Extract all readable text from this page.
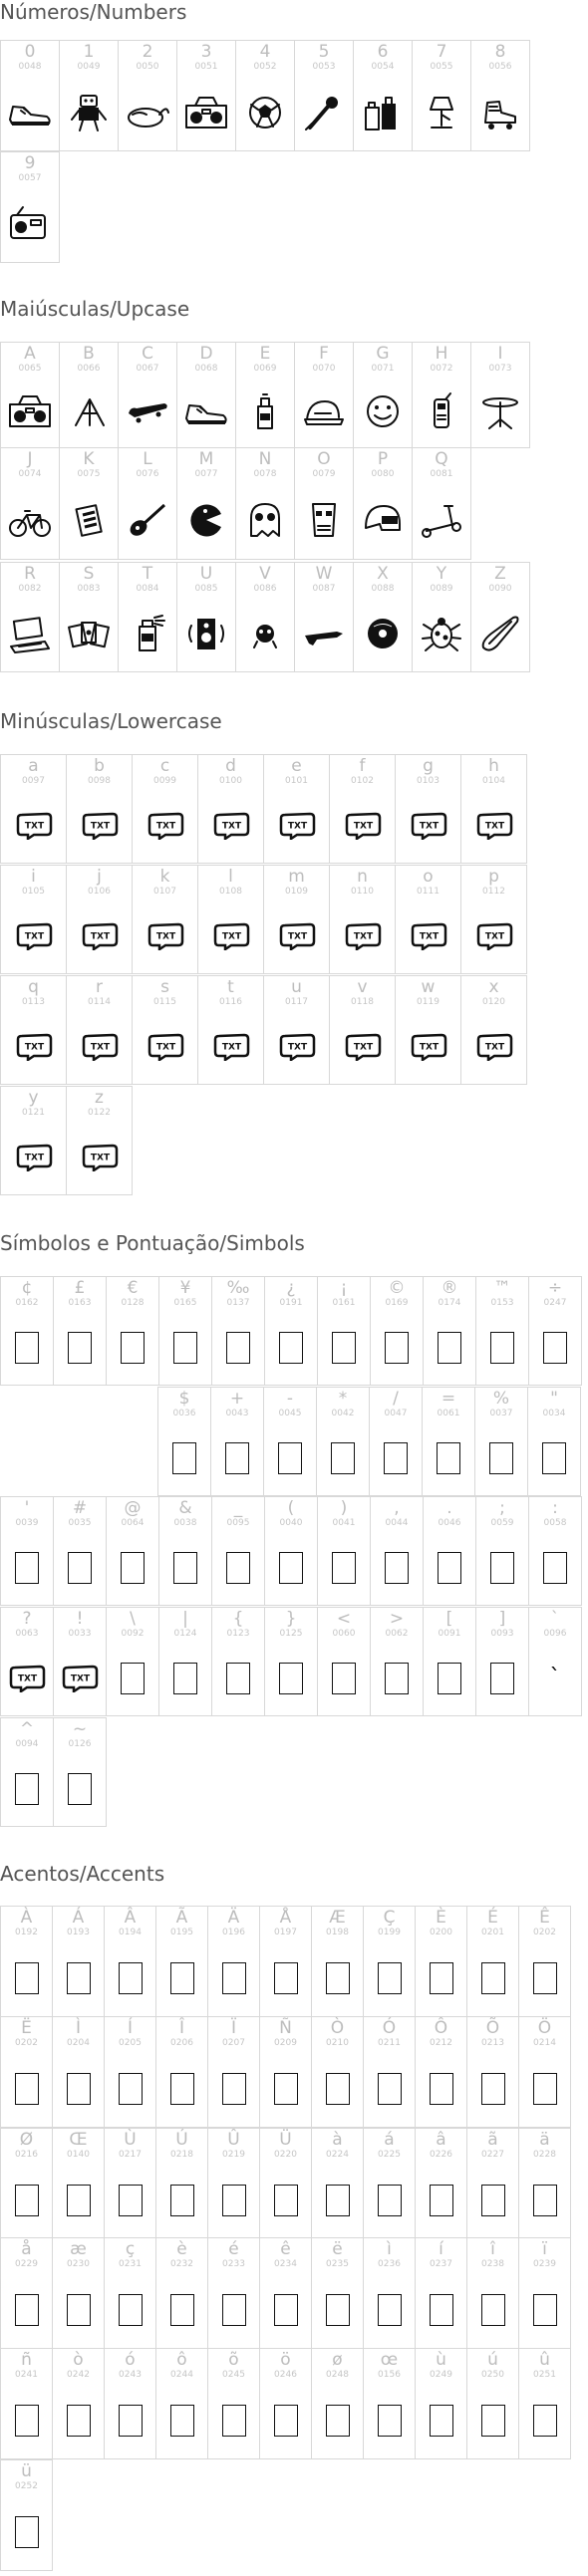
Números/Numbers
0
0048
1
0049
2
0050
3
0051
4
0052
5
0053
6
0054
7
0055
8
0056
9
0057
Maiúsculas/Upcase
A
0065
B
0066
C
0067
D
0068
E
0069
F
0070
G
0071
H
0072
I
0073
J
0074
K
0075
L
0076
M
0077
N
0078
O
0079
P
0080
Q
0081
R
0082
S
0083
T
0084
U
0085
V
0086
W
0087
X
0088
Y
0089
Z
0090
Minúsculas/Lowercase
a
0097
TXT
b
0098
TXT
c
0099
TXT
d
0100
TXT
e
0101
TXT
f
0102
TXT
g
0103
TXT
h
0104
TXT
i
0105
TXT
j
0106
TXT
k
0107
TXT
l
0108
TXT
m
0109
TXT
n
0110
TXT
o
0111
TXT
p
0112
TXT
q
0113
TXT
r
0114
TXT
s
0115
TXT
t
0116
TXT
u
0117
TXT
v
0118
TXT
w
0119
TXT
x
0120
TXT
y
0121
TXT
z
0122
TXT
Símbolos e Pontuação/Simbols
¢
0162
£
0163
€
0128
¥
0165
‰
0137
¿
0191
¡
0161
©
0169
®
0174
™
0153
÷
0247
$
0036
+
0043
-
0045
*
0042
/
0047
=
0061
%
0037
"
0034
'
0039
#
0035
@
0064
&
0038
_
0095
(
0040
)
0041
,
0044
.
0046
;
0059
:
0058
?
0063
TXT
!
0033
TXT
\
0092
|
0124
{
0123
}
0125
<
0060
>
0062
[
0091
]
0093
`
0096
`
^
0094
~
0126
Acentos/Accents
À
0192
Á
0193
Â
0194
Ã
0195
Ä
0196
Å
0197
Æ
0198
Ç
0199
È
0200
É
0201
Ê
0202
Ë
0202
Ì
0204
Í
0205
Î
0206
Ï
0207
Ñ
0209
Ò
0210
Ó
0211
Ô
0212
Õ
0213
Ö
0214
Ø
0216
Œ
0140
Ù
0217
Ú
0218
Û
0219
Ü
0220
à
0224
á
0225
â
0226
ã
0227
ä
0228
å
0229
æ
0230
ç
0231
è
0232
é
0233
ê
0234
ë
0235
ì
0236
í
0237
î
0238
ï
0239
ñ
0241
ò
0242
ó
0243
ô
0244
õ
0245
ö
0246
ø
0248
œ
0156
ù
0249
ú
0250
û
0251
ü
0252
